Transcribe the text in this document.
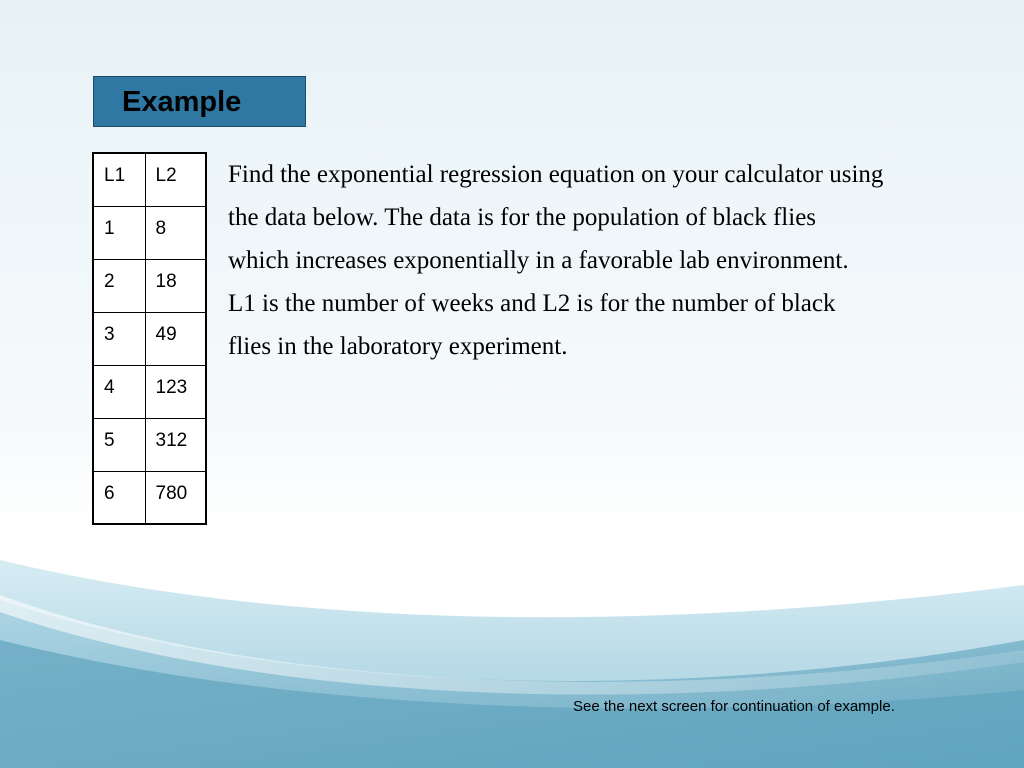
Example
L1	L2

1	8

2	18

3	49

4	123

5	312

6	780
Find the exponential regression equation on your calculator using
the data below. The data is for the population of black flies
which increases exponentially in a favorable lab environment.
L1 is the number of weeks and L2 is for the number of black
flies in the laboratory experiment.
See the next screen for continuation of example.
